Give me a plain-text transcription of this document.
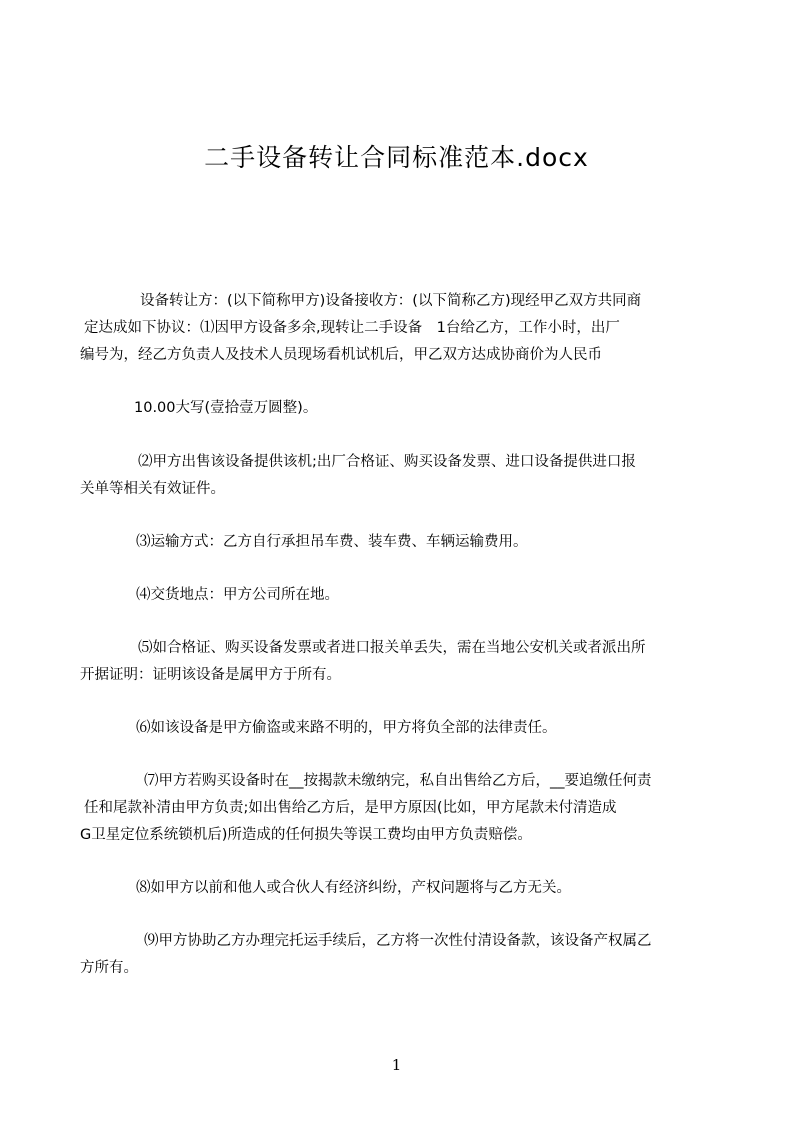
二手设备转让合同标准范本.docx
设备转让方：(以下简称甲方)设备接收方：(以下简称乙方)现经甲乙双方共同商
定达成如下协议：⑴因甲方设备多余,现转让二手设备　1台给乙方，工作小时，出厂
编号为，经乙方负责人及技术人员现场看机试机后，甲乙双方达成协商价为人民币
10.00大写(壹拾壹万圆整)。
⑵甲方出售该设备提供该机;出厂合格证、购买设备发票、进口设备提供进口报
关单等相关有效证件。
⑶运输方式：乙方自行承担吊车费、装车费、车辆运输费用。
⑷交货地点：甲方公司所在地。
⑸如合格证、购买设备发票或者进口报关单丢失，需在当地公安机关或者派出所
开据证明：证明该设备是属甲方于所有。
⑹如该设备是甲方偷盗或来路不明的，甲方将负全部的法律责任。
⑺甲方若购买设备时在__按揭款未缴纳完，私自出售给乙方后，__要追缴任何责
任和尾款补清由甲方负责;如出售给乙方后，是甲方原因(比如，甲方尾款未付清造成
G卫星定位系统锁机后)所造成的任何损失等误工费均由甲方负责赔偿。
⑻如甲方以前和他人或合伙人有经济纠纷，产权问题将与乙方无关。
⑼甲方协助乙方办理完托运手续后，乙方将一次性付清设备款，该设备产权属乙
方所有。
1
